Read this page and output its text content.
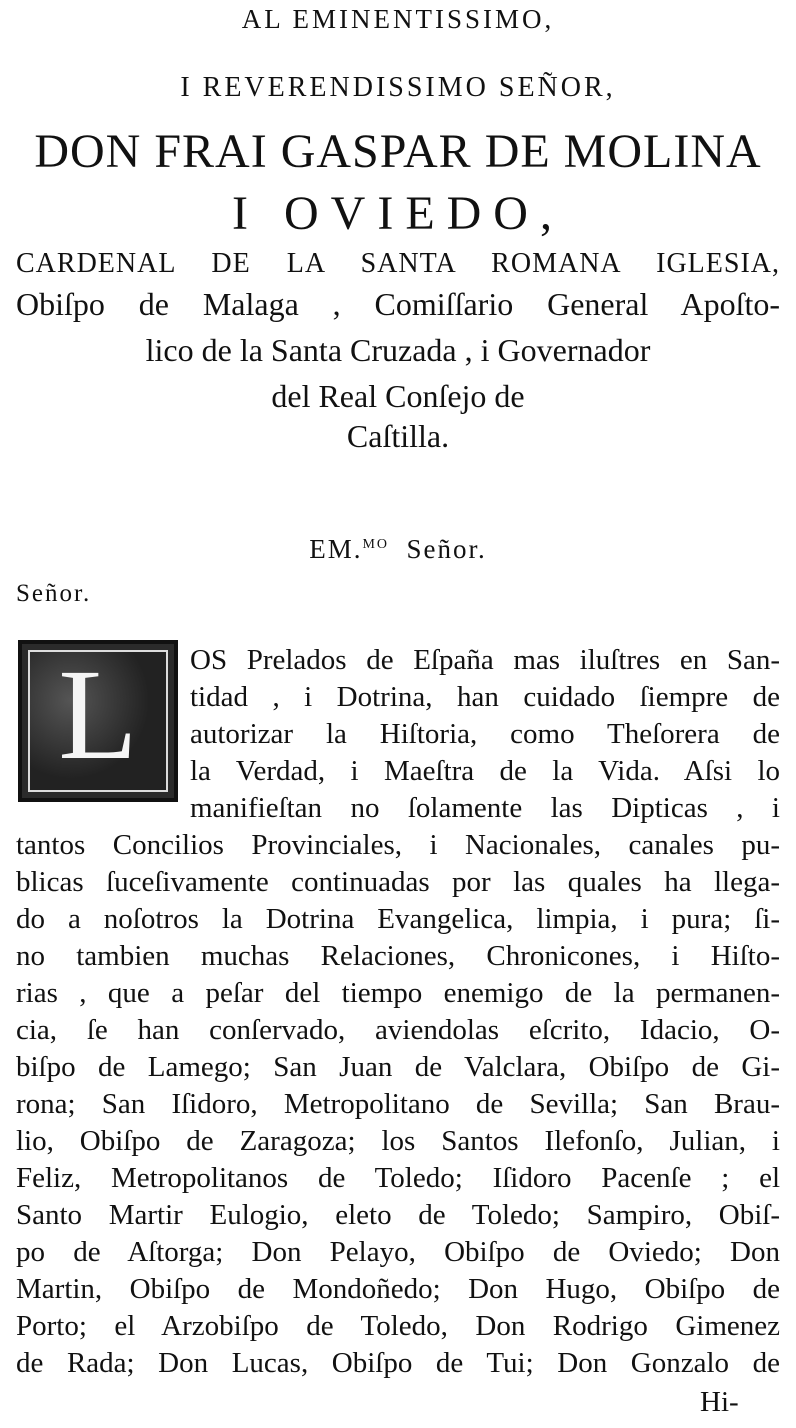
AL EMINENTISSIMO,
I REVERENDISSIMO SEÑOR,
DON FRAI GASPAR DE MOLINA
I OVIEDO,
CARDENAL DE LA SANTA ROMANA IGLESIA,
Obiſpo de Malaga , Comiſſario General Apoſto-
lico de la Santa Cruzada , i Governador
del Real Conſejo de
Caſtilla.
EM.$^{MO}$ Señor.
Señor.
L	OS Prelados de Eſpaña mas iluſtres en San-
tidad , i Dotrina, han cuidado ſiempre de
autorizar la Hiſtoria, como Theſorera de
la Verdad, i Maeſtra de la Vida. Aſsi lo
manifieſtan no ſolamente las Dipticas , i
tantos Concilios Provinciales, i Nacionales, canales pu-
blicas ſuceſivamente continuadas por las quales ha llega-
do a noſotros la Dotrina Evangelica, limpia, i pura; ſi-
no tambien muchas Relaciones, Chronicones, i Hiſto-
rias , que a peſar del tiempo enemigo de la permanen-
cia, ſe han conſervado, aviendolas eſcrito, Idacio, O-
biſpo de Lamego; San Juan de Valclara, Obiſpo de Gi-
rona; San Iſidoro, Metropolitano de Sevilla; San Brau-
lio, Obiſpo de Zaragoza; los Santos Ilefonſo, Julian, i
Feliz, Metropolitanos de Toledo; Iſidoro Pacenſe ; el
Santo Martir Eulogio, eleto de Toledo; Sampiro, Obiſ-
po de Aſtorga; Don Pelayo, Obiſpo de Oviedo; Don
Martin, Obiſpo de Mondoñedo; Don Hugo, Obiſpo de
Porto; el Arzobiſpo de Toledo, Don Rodrigo Gimenez
de Rada; Don Lucas, Obiſpo de Tui; Don Gonzalo de
Hi-
